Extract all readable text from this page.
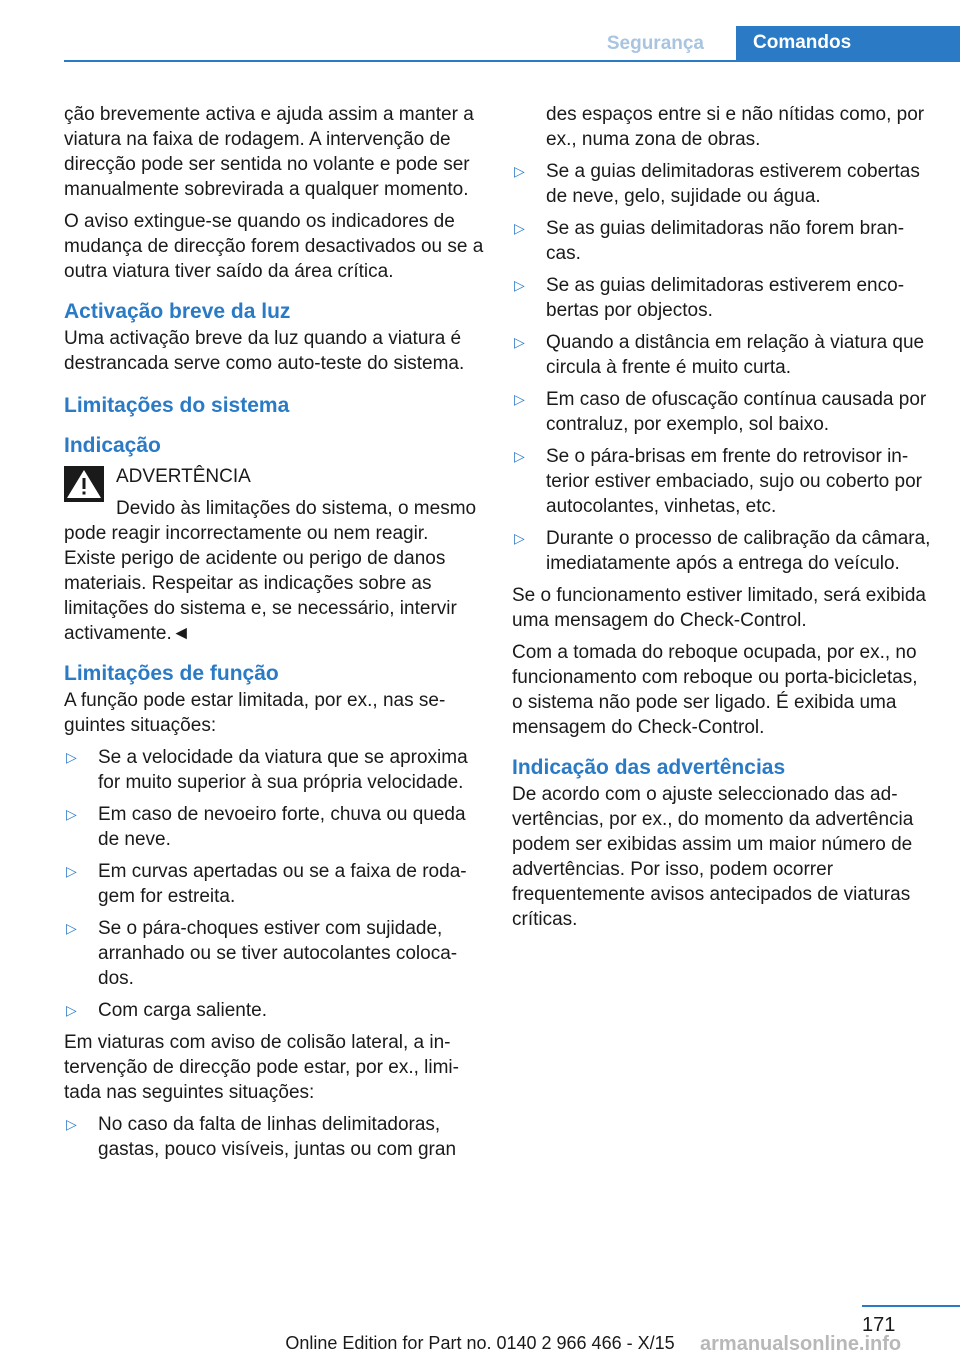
Segurança	Comandos

ção brevemente activa e ajuda assim a manter a viatura na faixa de rodagem. A intervenção de direcção pode ser sentida no volante e pode ser manualmente sobrevirada a qualquer momento.

O aviso extingue-se quando os indicadores de mudança de direcção forem desactivados ou se a outra viatura tiver saído da área crítica.

Activação breve da luz

Uma activação breve da luz quando a viatura é destrancada serve como auto-teste do sistema.

Limitações do sistema
Indicação

ADVERTÊNCIA

Devido às limitações do sistema, o mesmo pode reagir incorrectamente ou nem reagir. Existe perigo de acidente ou perigo de danos materiais. Respeitar as indicações sobre as limitações do sistema e, se necessário, intervir activamente.◄

Limitações de função

A função pode estar limitada, por ex., nas seguintes situações:

▷ Se a velocidade da viatura que se aproxima for muito superior à sua própria velocidade.
▷ Em caso de nevoeiro forte, chuva ou queda de neve.
▷ Em curvas apertadas ou se a faixa de rodagem for estreita.
▷ Se o pára-choques estiver com sujidade, arranhado ou se tiver autocolantes colocados.
▷ Com carga saliente.

Em viaturas com aviso de colisão lateral, a intervenção de direcção pode estar, por ex., limitada nas seguintes situações:

▷ No caso da falta de linhas delimitadoras, gastas, pouco visíveis, juntas ou com gran
des espaços entre si e não nítidas como, por ex., numa zona de obras.
▷ Se a guias delimitadoras estiverem cobertas de neve, gelo, sujidade ou água.
▷ Se as guias delimitadoras não forem brancas.
▷ Se as guias delimitadoras estiverem encobertas por objectos.
▷ Quando a distância em relação à viatura que circula à frente é muito curta.
▷ Em caso de ofuscação contínua causada por contraluz, por exemplo, sol baixo.
▷ Se o pára-brisas em frente do retrovisor interior estiver embaciado, sujo ou coberto por autocolantes, vinhetas, etc.
▷ Durante o processo de calibração da câmara, imediatamente após a entrega do veículo.

Se o funcionamento estiver limitado, será exibida uma mensagem do Check-Control.

Com a tomada do reboque ocupada, por ex., no funcionamento com reboque ou porta-bicicletas, o sistema não pode ser ligado. É exibida uma mensagem do Check-Control.

Indicação das advertências

De acordo com o ajuste seleccionado das advertências, por ex., do momento da advertência podem ser exibidas assim um maior número de advertências. Por isso, podem ocorrer frequentemente avisos antecipados de viaturas críticas.

171
Online Edition for Part no. 0140 2 966 466 - X/15	armanualsonline.info
